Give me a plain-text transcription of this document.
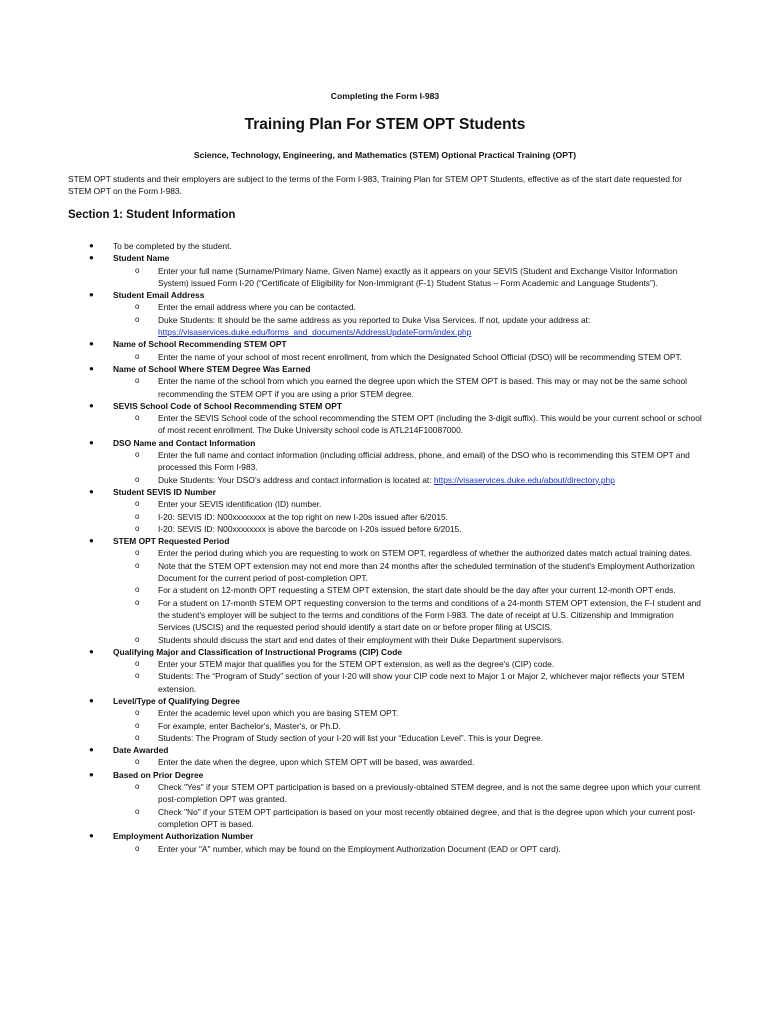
Completing the Form I-983
Training Plan For STEM OPT Students
Science, Technology, Engineering, and Mathematics (STEM) Optional Practical Training (OPT)

STEM OPT students and their employers are subject to the terms of the Form I-983, Training Plan for STEM OPT Students, effective as of the start date requested for STEM OPT on the Form I-983.

Section 1: Student Information
● To be completed by the student.
● Student Name
o Enter your full name (Surname/Primary Name, Given Name) exactly as it appears on your SEVIS (Student and Exchange Visitor Information System) issued Form I-20 (“Certificate of Eligibility for Non-Immigrant (F-1) Student Status – Form Academic and Language Students”).
● Student Email Address
o Enter the email address where you can be contacted.
o Duke Students: It should be the same address as you reported to Duke Visa Services. If not, update your address at:
https://visaservices.duke.edu/forms_and_documents/AddressUpdateForm/index.php
● Name of School Recommending STEM OPT
o Enter the name of your school of most recent enrollment, from which the Designated School Official (DSO) will be recommending STEM OPT.
● Name of School Where STEM Degree Was Earned
o Enter the name of the school from which you earned the degree upon which the STEM OPT is based. This may or may not be the same school recommending the STEM OPT if you are using a prior STEM degree.
● SEVIS School Code of School Recommending STEM OPT
o Enter the SEVIS School code of the school recommending the STEM OPT (including the 3-digit suffix). This would be your current school or school of most recent enrollment. The Duke University school code is ATL214F10087000.
● DSO Name and Contact Information
o Enter the full name and contact information (including official address, phone, and email) of the DSO who is recommending this STEM OPT and processed this Form I-983.
o Duke Students: Your DSO’s address and contact information is located at: https://visaservices.duke.edu/about/directory.php
● Student SEVIS ID Number
o Enter your SEVIS identification (ID) number.
o I-20: SEVIS ID: N00xxxxxxxx at the top right on new I-20s issued after 6/2015.
o I-20: SEVIS ID: N00xxxxxxxx is above the barcode on I-20s issued before 6/2015.
● STEM OPT Requested Period
o Enter the period during which you are requesting to work on STEM OPT, regardless of whether the authorized dates match actual training dates.
o Note that the STEM OPT extension may not end more than 24 months after the scheduled termination of the student's Employment Authorization Document for the current period of post-completion OPT.
o For a student on 12-month OPT requesting a STEM OPT extension, the start date should be the day after your current 12-month OPT ends.
o For a student on 17-month STEM OPT requesting conversion to the terms and conditions of a 24-month STEM OPT extension, the F-I student and the student's employer will be subject to the terms and conditions of the Form I-983. The date of receipt at U.S. Citizenship and Immigration Services (USCIS) and the requested period should identify a start date on or before proper filing at USCIS.
o Students should discuss the start and end dates of their employment with their Duke Department supervisors.
● Qualifying Major and Classification of Instructional Programs (CIP) Code
o Enter your STEM major that qualifies you for the STEM OPT extension, as well as the degree's (CIP) code.
o Students: The “Program of Study” section of your I-20 will show your CIP code next to Major 1 or Major 2, whichever major reflects your STEM extension.
● Level/Type of Qualifying Degree
o Enter the academic level upon which you are basing STEM OPT.
o For example, enter Bachelor's, Master's, or Ph.D.
o Students: The Program of Study section of your I-20 will list your “Education Level”. This is your Degree.
● Date Awarded
o Enter the date when the degree, upon which STEM OPT will be based, was awarded.
● Based on Prior Degree
o Check "Yes" if your STEM OPT participation is based on a previously-obtained STEM degree, and is not the same degree upon which your current post-completion OPT was granted.
o Check "No" if your STEM OPT participation is based on your most recently obtained degree, and that is the degree upon which your current post-completion OPT is based.
● Employment Authorization Number
o Enter your "A" number, which may be found on the Employment Authorization Document (EAD or OPT card).
